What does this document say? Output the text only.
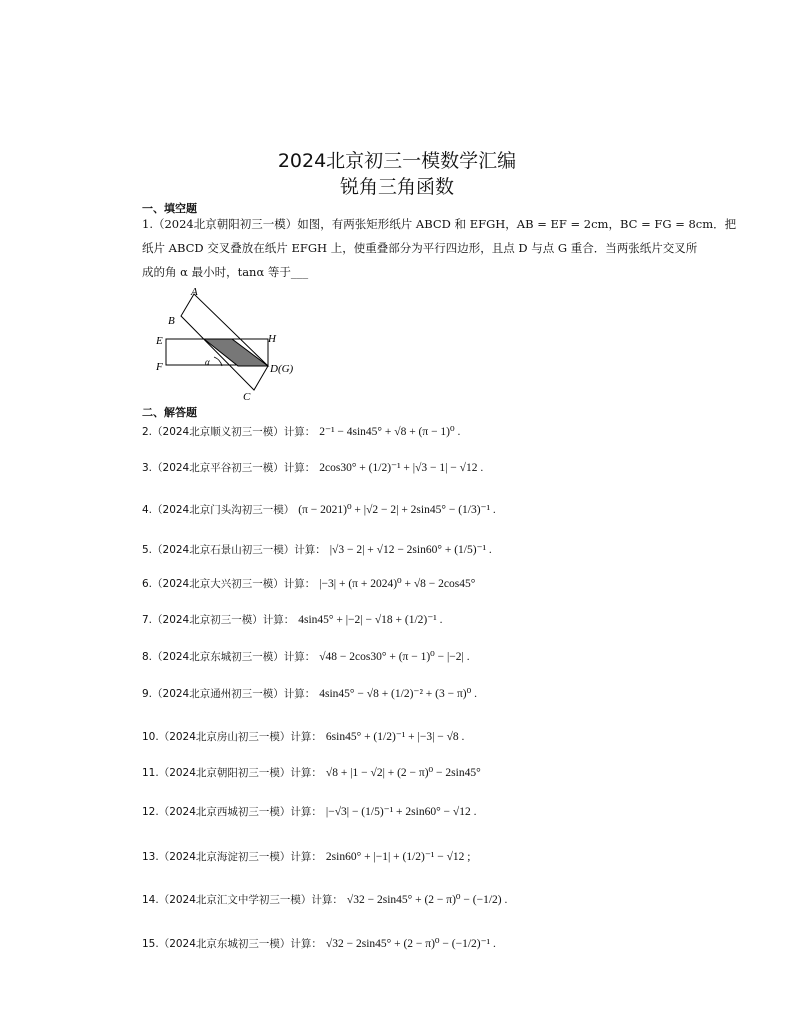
2024北京初三一模数学汇编
锐角三角函数
一、填空题
1.（2024北京朝阳初三一模）如图，有两张矩形纸片 ABCD 和 EFGH，AB = EF = 2cm，BC = FG = 8cm．把
纸片 ABCD 交叉叠放在纸片 EFGH 上，使重叠部分为平行四边形，且点 D 与点 G 重合．当两张纸片交叉所
成的角 α 最小时，tanα 等于___
A
B
C
E
F
H
D(G)
α
二、解答题
2.（2024北京顺义初三一模）计算： 2⁻¹ − 4sin45° + √8 + (π − 1)⁰ .
3.（2024北京平谷初三一模）计算： 2cos30° + (1/2)⁻¹ + |√3 − 1| − √12 .
4.（2024北京门头沟初三一模） (π − 2021)⁰ + |√2 − 2| + 2sin45° − (1/3)⁻¹ .
5.（2024北京石景山初三一模）计算： |√3 − 2| + √12 − 2sin60° + (1/5)⁻¹ .
6.（2024北京大兴初三一模）计算： |−3| + (π + 2024)⁰ + √8 − 2cos45°
7.（2024北京初三一模）计算： 4sin45° + |−2| − √18 + (1/2)⁻¹ .
8.（2024北京东城初三一模）计算： √48 − 2cos30° + (π − 1)⁰ − |−2| .
9.（2024北京通州初三一模）计算： 4sin45° − √8 + (1/2)⁻² + (3 − π)⁰ .
10.（2024北京房山初三一模）计算： 6sin45° + (1/2)⁻¹ + |−3| − √8 .
11.（2024北京朝阳初三一模）计算： √8 + |1 − √2| + (2 − π)⁰ − 2sin45°
12.（2024北京西城初三一模）计算： |−√3| − (1/5)⁻¹ + 2sin60° − √12 .
13.（2024北京海淀初三一模）计算： 2sin60° + |−1| + (1/2)⁻¹ − √12 ;
14.（2024北京汇文中学初三一模）计算： √32 − 2sin45° + (2 − π)⁰ − (−1/2) .
15.（2024北京东城初三一模）计算： √32 − 2sin45° + (2 − π)⁰ − (−1/2)⁻¹ .
